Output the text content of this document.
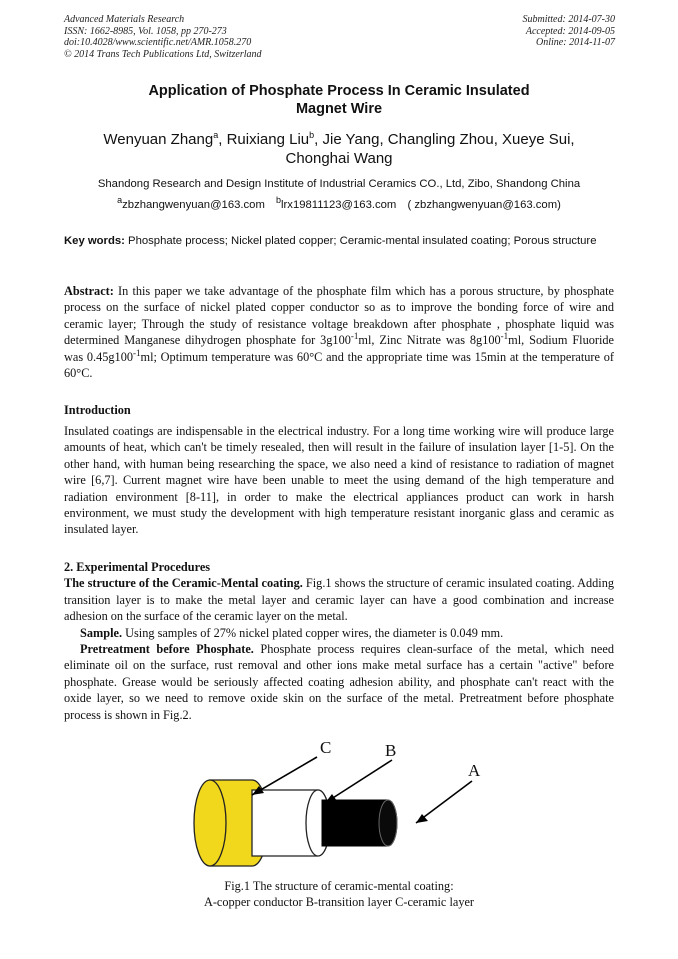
Advanced Materials Research
ISSN: 1662-8985, Vol. 1058, pp 270-273
doi:10.4028/www.scientific.net/AMR.1058.270
© 2014 Trans Tech Publications Ltd, Switzerland
Submitted: 2014-07-30
Accepted: 2014-09-05
Online: 2014-11-07
Application of Phosphate Process In Ceramic Insulated
Magnet Wire
Wenyuan Zhang$^a$, Ruixiang Liu$^b$, Jie Yang, Changling Zhou, Xueye Sui,
Chonghai Wang
Shandong Research and Design Institute of Industrial Ceramics CO., Ltd, Zibo, Shandong China
$^a$zbzhangwenyuan@163.com $^b$lrx19811123@163.com ( zbzhangwenyuan@163.com)
Key words: Phosphate process; Nickel plated copper; Ceramic-mental insulated coating; Porous structure
Abstract: In this paper we take advantage of the phosphate film which has a porous structure, by phosphate process on the surface of nickel plated copper conductor so as to improve the bonding force of wire and ceramic layer; Through the study of resistance voltage breakdown after phosphate , phosphate liquid was determined Manganese dihydrogen phosphate for $3g100^{-1}ml$, Zinc Nitrate was $8g100^{-1}ml$, Sodium Fluoride was $0.45g100^{-1}ml$; Optimum temperature was 60°C and the appropriate time was 15min at the temperature of 60°C.
Introduction
Insulated coatings are indispensable in the electrical industry. For a long time working wire will produce large amounts of heat, which can't be timely resealed, then will result in the failure of insulation layer [1-5]. On the other hand, with human being researching the space, we also need a kind of resistance to radiation of magnet wire [6,7]. Current magnet wire have been unable to meet the using demand of the high temperature and radiation environment [8-11], in order to make the electrical appliances product can work in harsh environment, we must study the development with high temperature resistant inorganic glass and ceramic as insulated layer.

2. Experimental Procedures

The structure of the Ceramic-Mental coating. Fig.1 shows the structure of ceramic insulated coating. Adding transition layer is to make the metal layer and ceramic layer can have a good combination and increase adhesion on the surface of the ceramic layer on the metal.

Sample. Using samples of 27% nickel plated copper wires, the diameter is 0.049 mm.

Pretreatment before Phosphate. Phosphate process requires clean-surface of the metal, which need eliminate oil on the surface, rust removal and other ions make metal surface has a certain "active" before phosphate. Grease would be seriously affected coating adhesion ability, and phosphate can't react with the oxide layer, so we need to remove oxide skin on the surface of the metal. Pretreatment before phosphate process is shown in Fig.2.

C	B
A
Fig.1 The structure of ceramic-mental coating:
A-copper conductor B-transition layer C-ceramic layer
